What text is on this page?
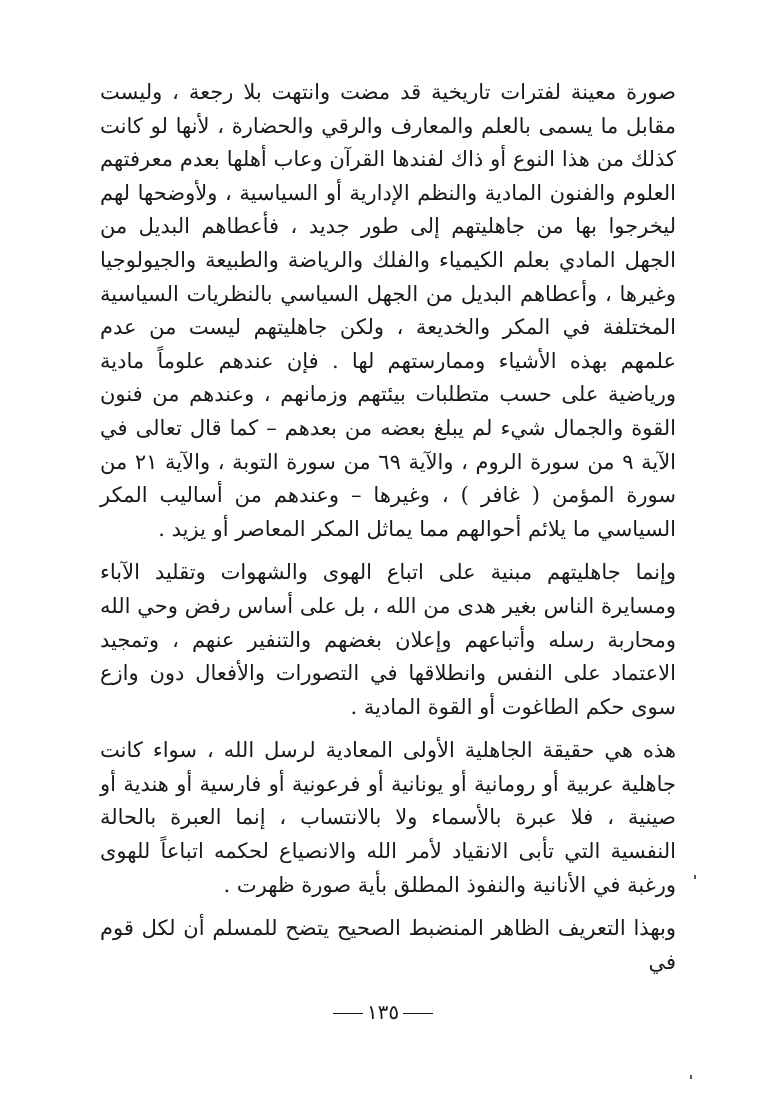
صورة معينة لفترات تاريخية قد مضت وانتهت بلا رجعة ، وليست مقابل ما يسمى بالعلم والمعارف والرقي والحضارة ، لأنها لو كانت كذلك من هذا النوع أو ذاك لفندها القرآن وعاب أهلها بعدم معرفتهم العلوم والفنون المادية والنظم الإدارية أو السياسية ، ولأوضحها لهم ليخرجوا بها من جاهليتهم إلى طور جديد ، فأعطاهم البديل من الجهل المادي بعلم الكيمياء والفلك والرياضة والطبيعة والجيولوجيا وغيرها ، وأعطاهم البديل من الجهل السياسي بالنظريات السياسية المختلفة في المكر والخديعة ، ولكن جاهليتهم ليست من عدم علمهم بهذه الأشياء وممارستهم لها . فإن عندهم علوماً مادية ورياضية على حسب متطلبات بيئتهم وزمانهم ، وعندهم من فنون القوة والجمال شيء لم يبلغ بعضه من بعدهم – كما قال تعالى في الآية ٩ من سورة الروم ، والآية ٦٩ من سورة التوبة ، والآية ٢١ من سورة المؤمن ( غافر ) ، وغيرها – وعندهم من أساليب المكر السياسي ما يلائم أحوالهم مما يماثل المكر المعاصر أو يزيد .

وإنما جاهليتهم مبنية على اتباع الهوى والشهوات وتقليد الآباء ومسايرة الناس بغير هدى من الله ، بل على أساس رفض وحي الله ومحاربة رسله وأتباعهم وإعلان بغضهم والتنفير عنهم ، وتمجيد الاعتماد على النفس وانطلاقها في التصورات والأفعال دون وازع سوى حكم الطاغوت أو القوة المادية .

هذه هي حقيقة الجاهلية الأولى المعادية لرسل الله ، سواء كانت جاهلية عربية أو رومانية أو يونانية أو فرعونية أو فارسية أو هندية أو صينية ، فلا عبرة بالأسماء ولا بالانتساب ، إنما العبرة بالحالة النفسية التي تأبى الانقياد لأمر الله والانصياع لحكمه اتباعاً للهوى ورغبة في الأنانية والنفوذ المطلق بأية صورة ظهرت .

وبهذا التعريف الظاهر المنضبط الصحيح يتضح للمسلم أن لكل قوم في

١٣٥
